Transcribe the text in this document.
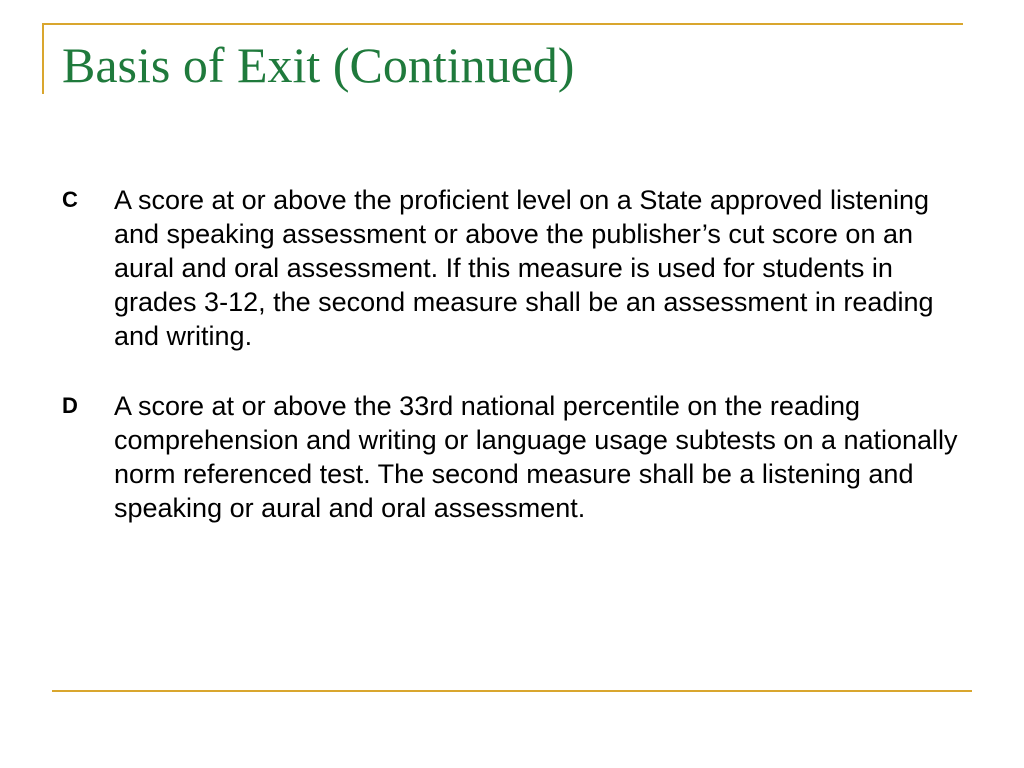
Basis of Exit (Continued)
C	A score at or above the proficient level on a State approved listening and speaking assessment or above the publisher’s cut score on an aural and oral assessment. If this measure is used for students in grades 3-12, the second measure shall be an assessment in reading and writing.
D	A score at or above the 33rd national percentile on the reading comprehension and writing or language usage subtests on a nationally norm referenced test. The second measure shall be a listening and speaking or aural and oral assessment.
